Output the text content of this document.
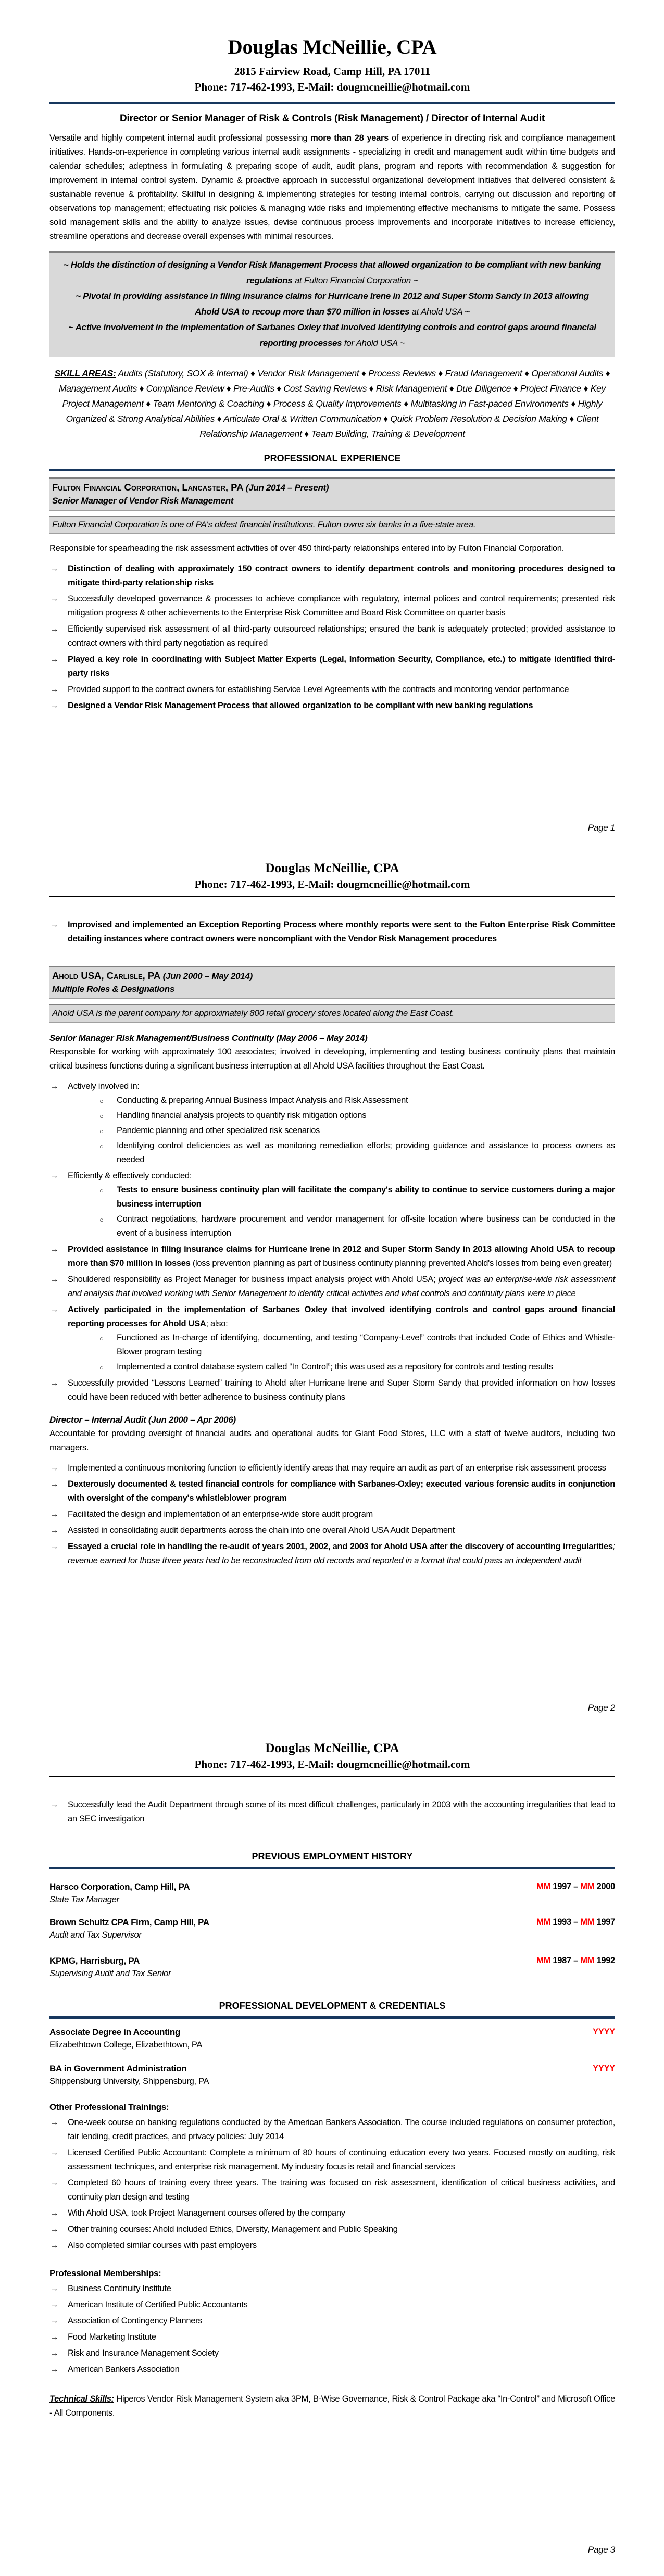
Douglas McNeillie, CPA
2815 Fairview Road, Camp Hill, PA 17011
Phone: 717-462-1993, E-Mail: dougmcneillie@hotmail.com
Director or Senior Manager of Risk & Controls (Risk Management) / Director of Internal Audit

Versatile and highly competent internal audit professional possessing more than 28 years of experience in directing risk and compliance management initiatives. Hands-on-experience in completing various internal audit assignments - specializing in credit and management audit within time budgets and calendar schedules; adeptness in formulating & preparing scope of audit, audit plans, program and reports with recommendation & suggestion for improvement in internal control system. Dynamic & proactive approach in successful organizational development initiatives that delivered consistent & sustainable revenue & profitability. Skillful in designing & implementing strategies for testing internal controls, carrying out discussion and reporting of observations top management; effectuating risk policies & managing wide risks and implementing effective mechanisms to mitigate the same. Possess solid management skills and the ability to analyze issues, devise continuous process improvements and incorporate initiatives to increase efficiency, streamline operations and decrease overall expenses with minimal resources.

~ Holds the distinction of designing a Vendor Risk Management Process that allowed organization to be compliant with new banking regulations at Fulton Financial Corporation ~
~ Pivotal in providing assistance in filing insurance claims for Hurricane Irene in 2012 and Super Storm Sandy in 2013 allowing Ahold USA to recoup more than $70 million in losses at Ahold USA ~
~ Active involvement in the implementation of Sarbanes Oxley that involved identifying controls and control gaps around financial reporting processes for Ahold USA ~
SKILL AREAS: Audits (Statutory, SOX & Internal) ♦ Vendor Risk Management ♦ Process Reviews ♦ Fraud Management ♦ Operational Audits ♦ Management Audits ♦ Compliance Review ♦ Pre-Audits ♦ Cost Saving Reviews ♦ Risk Management ♦ Due Diligence ♦ Project Finance ♦ Key Project Management ♦ Team Mentoring & Coaching ♦ Process & Quality Improvements ♦ Multitasking in Fast-paced Environments ♦ Highly Organized & Strong Analytical Abilities ♦ Articulate Oral & Written Communication ♦ Quick Problem Resolution & Decision Making ♦ Client Relationship Management ♦ Team Building, Training & Development
PROFESSIONAL EXPERIENCE
Fulton Financial Corporation, Lancaster, PA (Jun 2014 – Present)
Senior Manager of Vendor Risk Management
Fulton Financial Corporation is one of PA's oldest financial institutions. Fulton owns six banks in a five-state area.

Responsible for spearheading the risk assessment activities of over 450 third-party relationships entered into by Fulton Financial Corporation.

→ Distinction of dealing with approximately 150 contract owners to identify department controls and monitoring procedures designed to mitigate third-party relationship risks
→ Successfully developed governance & processes to achieve compliance with regulatory, internal polices and control requirements; presented risk mitigation progress & other achievements to the Enterprise Risk Committee and Board Risk Committee on quarter basis
→ Efficiently supervised risk assessment of all third-party outsourced relationships; ensured the bank is adequately protected; provided assistance to contract owners with third party negotiation as required
→ Played a key role in coordinating with Subject Matter Experts (Legal, Information Security, Compliance, etc.) to mitigate identified third-party risks
→ Provided support to the contract owners for establishing Service Level Agreements with the contracts and monitoring vendor performance
→ Designed a Vendor Risk Management Process that allowed organization to be compliant with new banking regulations
Page 1
Douglas McNeillie, CPA
Phone: 717-462-1993, E-Mail: dougmcneillie@hotmail.com
→ Improvised and implemented an Exception Reporting Process where monthly reports were sent to the Fulton Enterprise Risk Committee detailing instances where contract owners were noncompliant with the Vendor Risk Management procedures
Ahold USA, Carlisle, PA (Jun 2000 – May 2014)
Multiple Roles & Designations
Ahold USA is the parent company for approximately 800 retail grocery stores located along the East Coast.
Senior Manager Risk Management/Business Continuity (May 2006 – May 2014)

Responsible for working with approximately 100 associates; involved in developing, implementing and testing business continuity plans that maintain critical business functions during a significant business interruption at all Ahold USA facilities throughout the East Coast.

→ Actively involved in:
○ Conducting & preparing Annual Business Impact Analysis and Risk Assessment
○ Handling financial analysis projects to quantify risk mitigation options
○ Pandemic planning and other specialized risk scenarios
○ Identifying control deficiencies as well as monitoring remediation efforts; providing guidance and assistance to process owners as needed
→ Efficiently & effectively conducted:
○ Tests to ensure business continuity plan will facilitate the company's ability to continue to service customers during a major business interruption
○ Contract negotiations, hardware procurement and vendor management for off-site location where business can be conducted in the event of a business interruption
→ Provided assistance in filing insurance claims for Hurricane Irene in 2012 and Super Storm Sandy in 2013 allowing Ahold USA to recoup more than $70 million in losses (loss prevention planning as part of business continuity planning prevented Ahold's losses from being even greater)
→ Shouldered responsibility as Project Manager for business impact analysis project with Ahold USA; project was an enterprise-wide risk assessment and analysis that involved working with Senior Management to identify critical activities and what controls and continuity plans were in place
→ Actively participated in the implementation of Sarbanes Oxley that involved identifying controls and control gaps around financial reporting processes for Ahold USA; also:
○ Functioned as In-charge of identifying, documenting, and testing “Company-Level” controls that included Code of Ethics and Whistle-Blower program testing
○ Implemented a control database system called “In Control”; this was used as a repository for controls and testing results
→ Successfully provided “Lessons Learned” training to Ahold after Hurricane Irene and Super Storm Sandy that provided information on how losses could have been reduced with better adherence to business continuity plans
Director – Internal Audit (Jun 2000 – Apr 2006)

Accountable for providing oversight of financial audits and operational audits for Giant Food Stores, LLC with a staff of twelve auditors, including two managers.

→ Implemented a continuous monitoring function to efficiently identify areas that may require an audit as part of an enterprise risk assessment process
→ Dexterously documented & tested financial controls for compliance with Sarbanes-Oxley; executed various forensic audits in conjunction with oversight of the company's whistleblower program
→ Facilitated the design and implementation of an enterprise-wide store audit program
→ Assisted in consolidating audit departments across the chain into one overall Ahold USA Audit Department
→ Essayed a crucial role in handling the re-audit of years 2001, 2002, and 2003 for Ahold USA after the discovery of accounting irregularities; revenue earned for those three years had to be reconstructed from old records and reported in a format that could pass an independent audit
Page 2
Douglas McNeillie, CPA
Phone: 717-462-1993, E-Mail: dougmcneillie@hotmail.com
→ Successfully lead the Audit Department through some of its most difficult challenges, particularly in 2003 with the accounting irregularities that lead to an SEC investigation
PREVIOUS EMPLOYMENT HISTORY
Harsco Corporation, Camp Hill, PA
State Tax Manager
MM 1997 – MM 2000
Brown Schultz CPA Firm, Camp Hill, PA
Audit and Tax Supervisor
MM 1993 – MM 1997
KPMG, Harrisburg, PA
Supervising Audit and Tax Senior
MM 1987 – MM 1992
PROFESSIONAL DEVELOPMENT & CREDENTIALS
Associate Degree in Accounting
Elizabethtown College, Elizabethtown, PA
YYYY
BA in Government Administration
Shippensburg University, Shippensburg, PA
YYYY
Other Professional Trainings:
→ One-week course on banking regulations conducted by the American Bankers Association. The course included regulations on consumer protection, fair lending, credit practices, and privacy policies: July 2014
→ Licensed Certified Public Accountant: Complete a minimum of 80 hours of continuing education every two years. Focused mostly on auditing, risk assessment techniques, and enterprise risk management. My industry focus is retail and financial services
→ Completed 60 hours of training every three years. The training was focused on risk assessment, identification of critical business activities, and continuity plan design and testing
→ With Ahold USA, took Project Management courses offered by the company
→ Other training courses: Ahold included Ethics, Diversity, Management and Public Speaking
→ Also completed similar courses with past employers
Professional Memberships:
→ Business Continuity Institute
→ American Institute of Certified Public Accountants
→ Association of Contingency Planners
→ Food Marketing Institute
→ Risk and Insurance Management Society
→ American Bankers Association
Technical Skills: Hiperos Vendor Risk Management System aka 3PM, B-Wise Governance, Risk & Control Package aka “In-Control” and Microsoft Office - All Components.
Page 3
